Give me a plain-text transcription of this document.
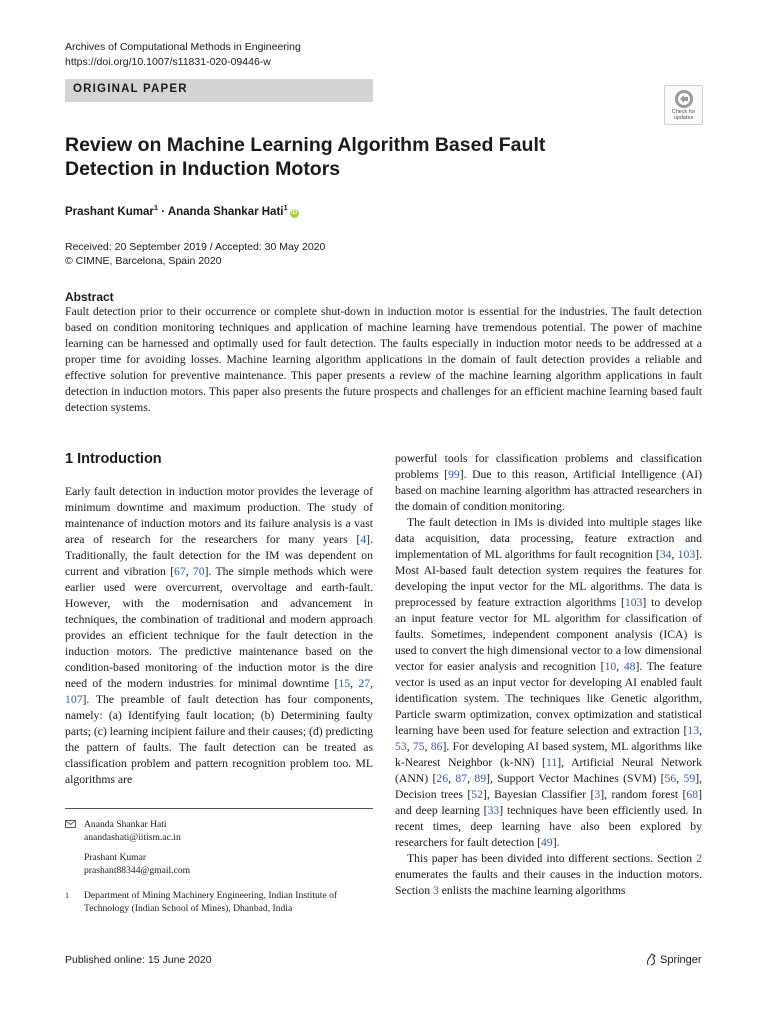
Archives of Computational Methods in Engineering
https://doi.org/10.1007/s11831-020-09446-w
ORIGINAL PAPER
Check for
updates
Review on Machine Learning Algorithm Based Fault Detection in Induction Motors
Prashant Kumar$^1$ · Ananda Shankar Hati$^1$iD
Received: 20 September 2019 / Accepted: 30 May 2020
© CIMNE, Barcelona, Spain 2020
Abstract

Fault detection prior to their occurrence or complete shut-down in induction motor is essential for the industries. The fault detection based on condition monitoring techniques and application of machine learning have tremendous potential. The power of machine learning can be harnessed and optimally used for fault detection. The faults especially in induction motor needs to be addressed at a proper time for avoiding losses. Machine learning algorithm applications in the domain of fault detection provides a reliable and effective solution for preventive maintenance. This paper presents a review of the machine learning algorithm applications in fault detection in induction motors. This paper also presents the future prospects and challenges for an efficient machine learning based fault detection systems.

1 Introduction

Early fault detection in induction motor provides the leverage of minimum downtime and maximum production. The study of maintenance of induction motors and its failure analysis is a vast area of research for the researchers for many years [4]. Traditionally, the fault detection for the IM was dependent on current and vibration [67, 70]. The simple methods which were earlier used were overcurrent, overvoltage and earth-fault. However, with the modernisation and advancement in techniques, the combination of traditional and modern approach provides an efficient technique for the fault detection in the induction motors. The predictive maintenance based on the condition-based monitoring of the induction motor is the dire need of the modern industries for minimal downtime [15, 27, 107]. The preamble of fault detection has four components, namely: (a) Identifying fault location; (b) Determining faulty parts; (c) learning incipient failure and their causes; (d) predicting the pattern of faults. The fault detection can be treated as classification problem and pattern recognition problem too. ML algorithms are

powerful tools for classification problems and classification problems [99]. Due to this reason, Artificial Intelligence (AI) based on machine learning algorithm has attracted researchers in the domain of condition monitoring.

The fault detection in IMs is divided into multiple stages like data acquisition, data processing, feature extraction and implementation of ML algorithms for fault recognition [34, 103]. Most AI-based fault detection system requires the features for developing the input vector for the ML algorithms. The data is preprocessed by feature extraction algorithms [103] to develop an input feature vector for ML algorithm for classification of faults. Sometimes, independent component analysis (ICA) is used to convert the high dimensional vector to a low dimensional vector for easier analysis and recognition [10, 48]. The feature vector is used as an input vector for developing AI enabled fault identification system. The techniques like Genetic algorithm, Particle swarm optimization, convex optimization and statistical learning have been used for feature selection and extraction [13, 53, 75, 86]. For developing AI based system, ML algorithms like k-Nearest Neighbor (k-NN) [11], Artificial Neural Network (ANN) [26, 87, 89], Support Vector Machines (SVM) [56, 59], Decision trees [52], Bayesian Classifier [3], random forest [68] and deep learning [33] techniques have been efficiently used. In recent times, deep learning have also been explored by researchers for fault detection [49].

This paper has been divided into different sections. Section 2 enumerates the faults and their causes in the induction motors. Section 3 enlists the machine learning algorithms

Ananda Shankar Hati
anandashati@iitism.ac.in
Prashant Kumar
prashant88344@gmail.com
1 Department of Mining Machinery Engineering, Indian Institute of Technology (Indian School of Mines), Dhanbad, India
Published online: 15 June 2020	Springer
